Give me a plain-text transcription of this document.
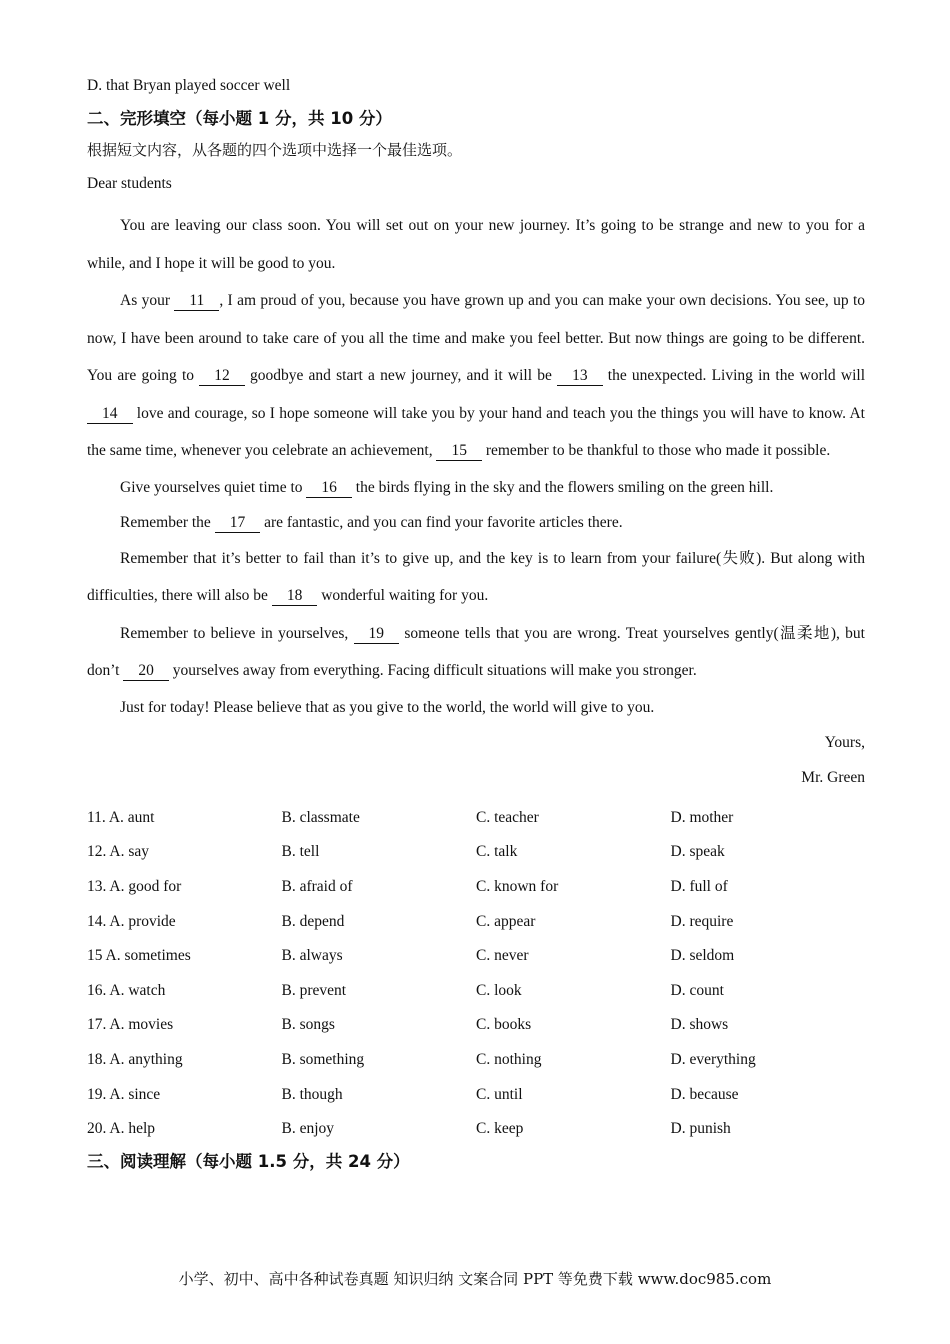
D. that Bryan played soccer well

二、完形填空（每小题 1 分，共 10 分）
根据短文内容，从各题的四个选项中选择一个最佳选项。
Dear students

You are leaving our class soon. You will set out on your new journey. It’s going to be strange and new to you for a while, and I hope it will be good to you.

As your 11 , I am proud of you, because you have grown up and you can make your own decisions. You see, up to now, I have been around to take care of you all the time and make you feel better. But now things are going to be different. You are going to 12 goodbye and start a new journey, and it will be 13 the unexpected. Living in the world will 14 love and courage, so I hope someone will take you by your hand and teach you the things you will have to know. At the same time, whenever you celebrate an achievement, 15 remember to be thankful to those who made it possible.

Give yourselves quiet time to 16 the birds flying in the sky and the flowers smiling on the green hill.

Remember the 17 are fantastic, and you can find your favorite articles there.

Remember that it’s better to fail than it’s to give up, and the key is to learn from your failure(失败). But along with difficulties, there will also be 18 wonderful waiting for you.

Remember to believe in yourselves, 19 someone tells that you are wrong. Treat yourselves gently(温柔地), but don’t 20 yourselves away from everything. Facing difficult situations will make you stronger.

Just for today! Please believe that as you give to the world, the world will give to you.

Yours,
Mr. Green
11. A. aunt	B. classmate	C. teacher	D. mother
12. A. say	B. tell	C. talk	D. speak
13. A. good for	B. afraid of	C. known for	D. full of
14. A. provide	B. depend	C. appear	D. require
15 A. sometimes	B. always	C. never	D. seldom
16. A. watch	B. prevent	C. look	D. count
17. A. movies	B. songs	C. books	D. shows
18. A. anything	B. something	C. nothing	D. everything
19. A. since	B. though	C. until	D. because
20. A. help	B. enjoy	C. keep	D. punish
三、阅读理解（每小题 1.5 分，共 24 分）
小学、初中、高中各种试卷真题 知识归纳 文案合同 PPT 等免费下载 www.doc985.com
